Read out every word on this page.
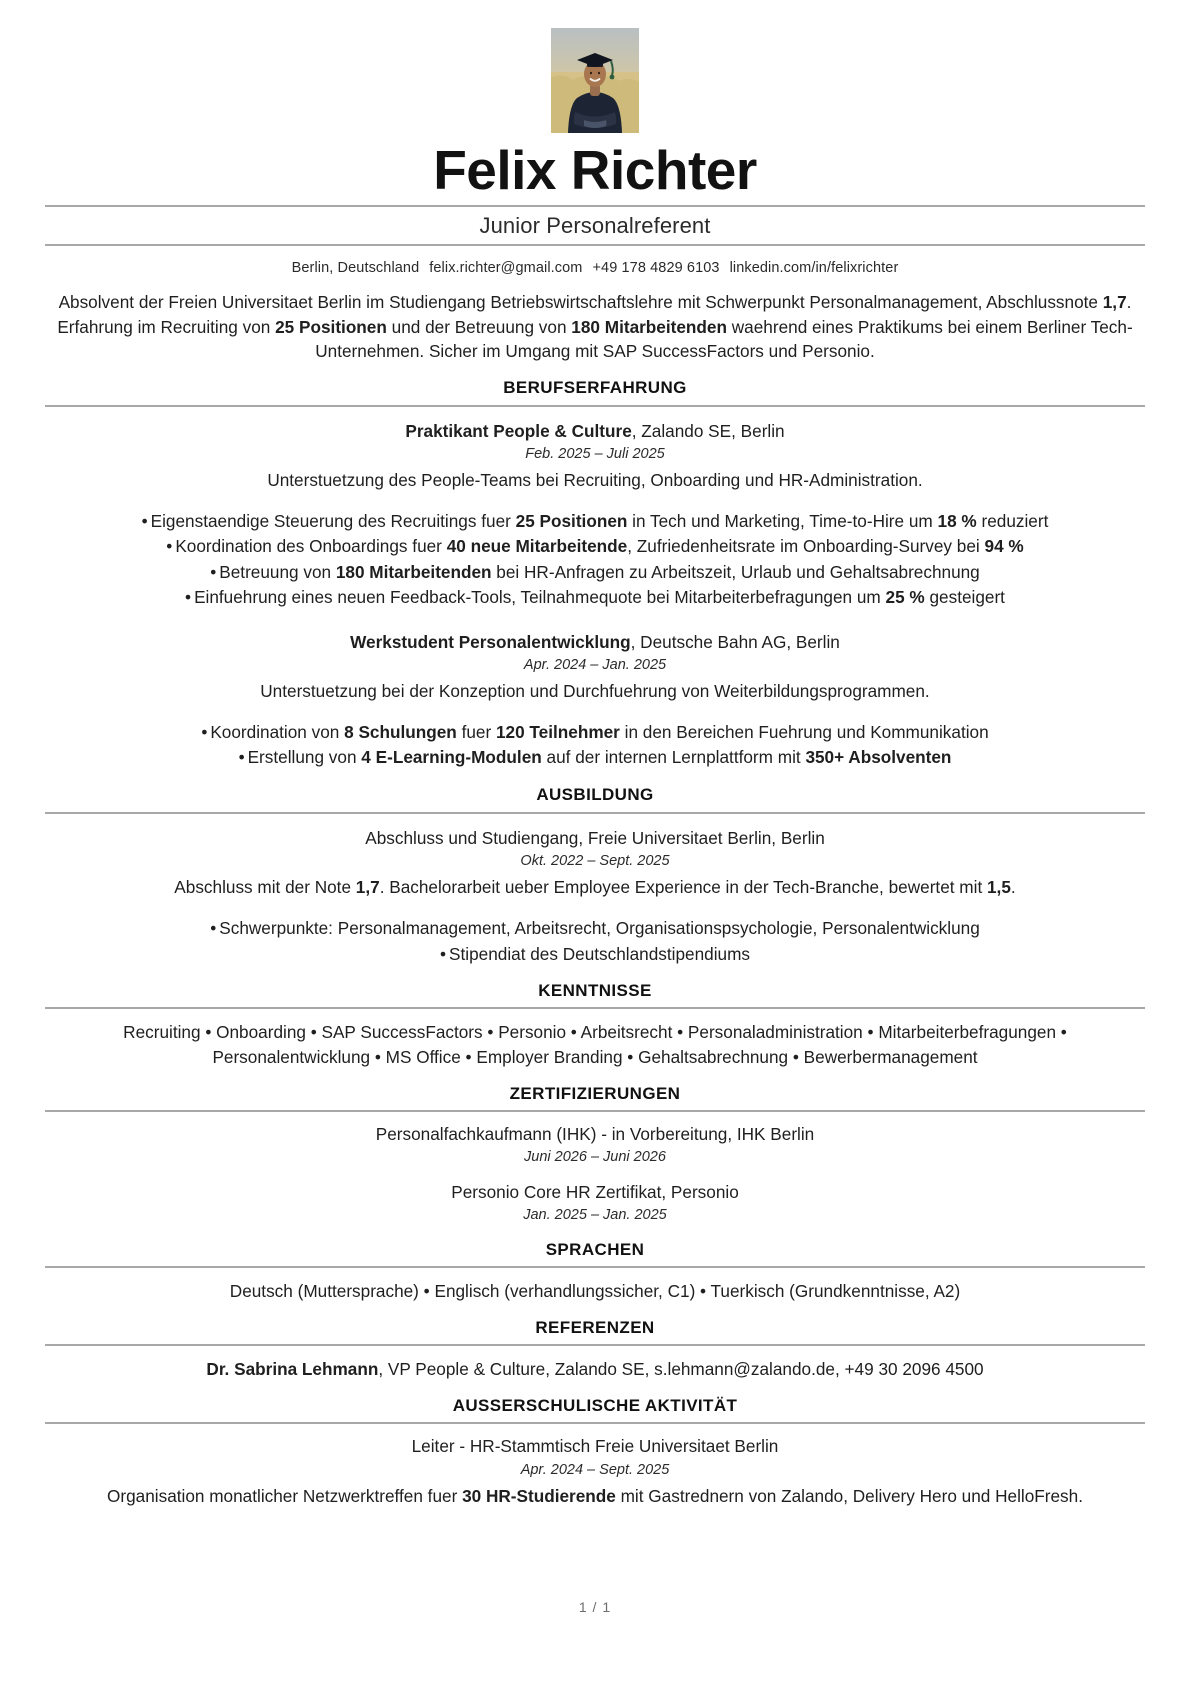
Felix Richter
Junior Personalreferent
Berlin, Deutschland felix.richter@gmail.com +49 178 4829 6103 linkedin.com/in/felixrichter
Absolvent der Freien Universitaet Berlin im Studiengang Betriebswirtschaftslehre mit Schwerpunkt Personalmanagement, Abschlussnote 1,7. Erfahrung im Recruiting von 25 Positionen und der Betreuung von 180 Mitarbeitenden waehrend eines Praktikums bei einem Berliner Tech-Unternehmen. Sicher im Umgang mit SAP SuccessFactors und Personio.
BERUFSERFAHRUNG
Praktikant People & Culture, Zalando SE, Berlin
Feb. 2025 – Juli 2025
Unterstuetzung des People-Teams bei Recruiting, Onboarding und HR-Administration.
• Eigenstaendige Steuerung des Recruitings fuer 25 Positionen in Tech und Marketing, Time-to-Hire um 18 % reduziert
• Koordination des Onboardings fuer 40 neue Mitarbeitende, Zufriedenheitsrate im Onboarding-Survey bei 94 %
• Betreuung von 180 Mitarbeitenden bei HR-Anfragen zu Arbeitszeit, Urlaub und Gehaltsabrechnung
• Einfuehrung eines neuen Feedback-Tools, Teilnahmequote bei Mitarbeiterbefragungen um 25 % gesteigert
Werkstudent Personalentwicklung, Deutsche Bahn AG, Berlin
Apr. 2024 – Jan. 2025
Unterstuetzung bei der Konzeption und Durchfuehrung von Weiterbildungsprogrammen.
• Koordination von 8 Schulungen fuer 120 Teilnehmer in den Bereichen Fuehrung und Kommunikation
• Erstellung von 4 E-Learning-Modulen auf der internen Lernplattform mit 350+ Absolventen
AUSBILDUNG
Abschluss und Studiengang, Freie Universitaet Berlin, Berlin
Okt. 2022 – Sept. 2025
Abschluss mit der Note 1,7. Bachelorarbeit ueber Employee Experience in der Tech-Branche, bewertet mit 1,5.
• Schwerpunkte: Personalmanagement, Arbeitsrecht, Organisationspsychologie, Personalentwicklung
• Stipendiat des Deutschlandstipendiums
KENNTNISSE
Recruiting • Onboarding • SAP SuccessFactors • Personio • Arbeitsrecht • Personaladministration • Mitarbeiterbefragungen • Personalentwicklung • MS Office • Employer Branding • Gehaltsabrechnung • Bewerbermanagement
ZERTIFIZIERUNGEN
Personalfachkaufmann (IHK) - in Vorbereitung, IHK Berlin
Juni 2026 – Juni 2026
Personio Core HR Zertifikat, Personio
Jan. 2025 – Jan. 2025
SPRACHEN
Deutsch (Muttersprache) • Englisch (verhandlungssicher, C1) • Tuerkisch (Grundkenntnisse, A2)
REFERENZEN
Dr. Sabrina Lehmann, VP People & Culture, Zalando SE, s.lehmann@zalando.de, +49 30 2096 4500
AUSSERSCHULISCHE AKTIVITÄT
Leiter - HR-Stammtisch Freie Universitaet Berlin
Apr. 2024 – Sept. 2025
Organisation monatlicher Netzwerktreffen fuer 30 HR-Studierende mit Gastrednern von Zalando, Delivery Hero und HelloFresh.
1 / 1
